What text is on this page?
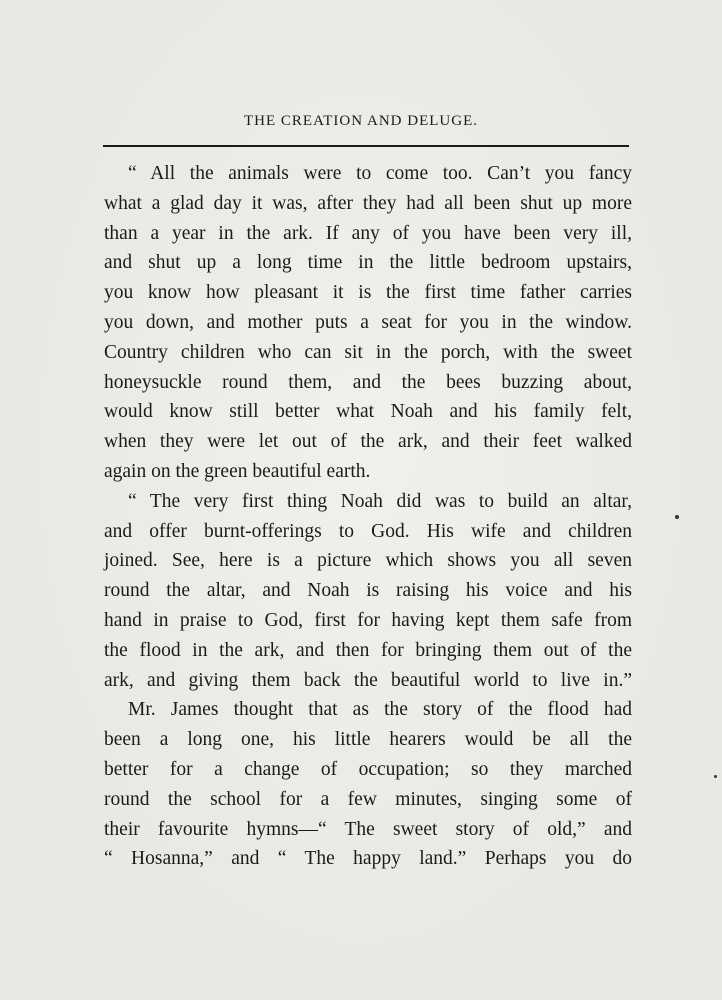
THE CREATION AND DELUGE.
“ All the animals were to come too. Can’t you fancy
what a glad day it was, after they had all been shut up more
than a year in the ark. If any of you have been very ill,
and shut up a long time in the little bedroom upstairs,
you know how pleasant it is the first time father carries
you down, and mother puts a seat for you in the window.
Country children who can sit in the porch, with the sweet
honeysuckle round them, and the bees buzzing about,
would know still better what Noah and his family felt,
when they were let out of the ark, and their feet walked
again on the green beautiful earth.
“ The very first thing Noah did was to build an altar,
and offer burnt-offerings to God. His wife and children
joined. See, here is a picture which shows you all seven
round the altar, and Noah is raising his voice and his
hand in praise to God, first for having kept them safe from
the flood in the ark, and then for bringing them out of the
ark, and giving them back the beautiful world to live in.”
Mr. James thought that as the story of the flood had
been a long one, his little hearers would be all the
better for a change of occupation; so they marched
round the school for a few minutes, singing some of
their favourite hymns—“ The sweet story of old,” and
“ Hosanna,” and “ The happy land.” Perhaps you do
